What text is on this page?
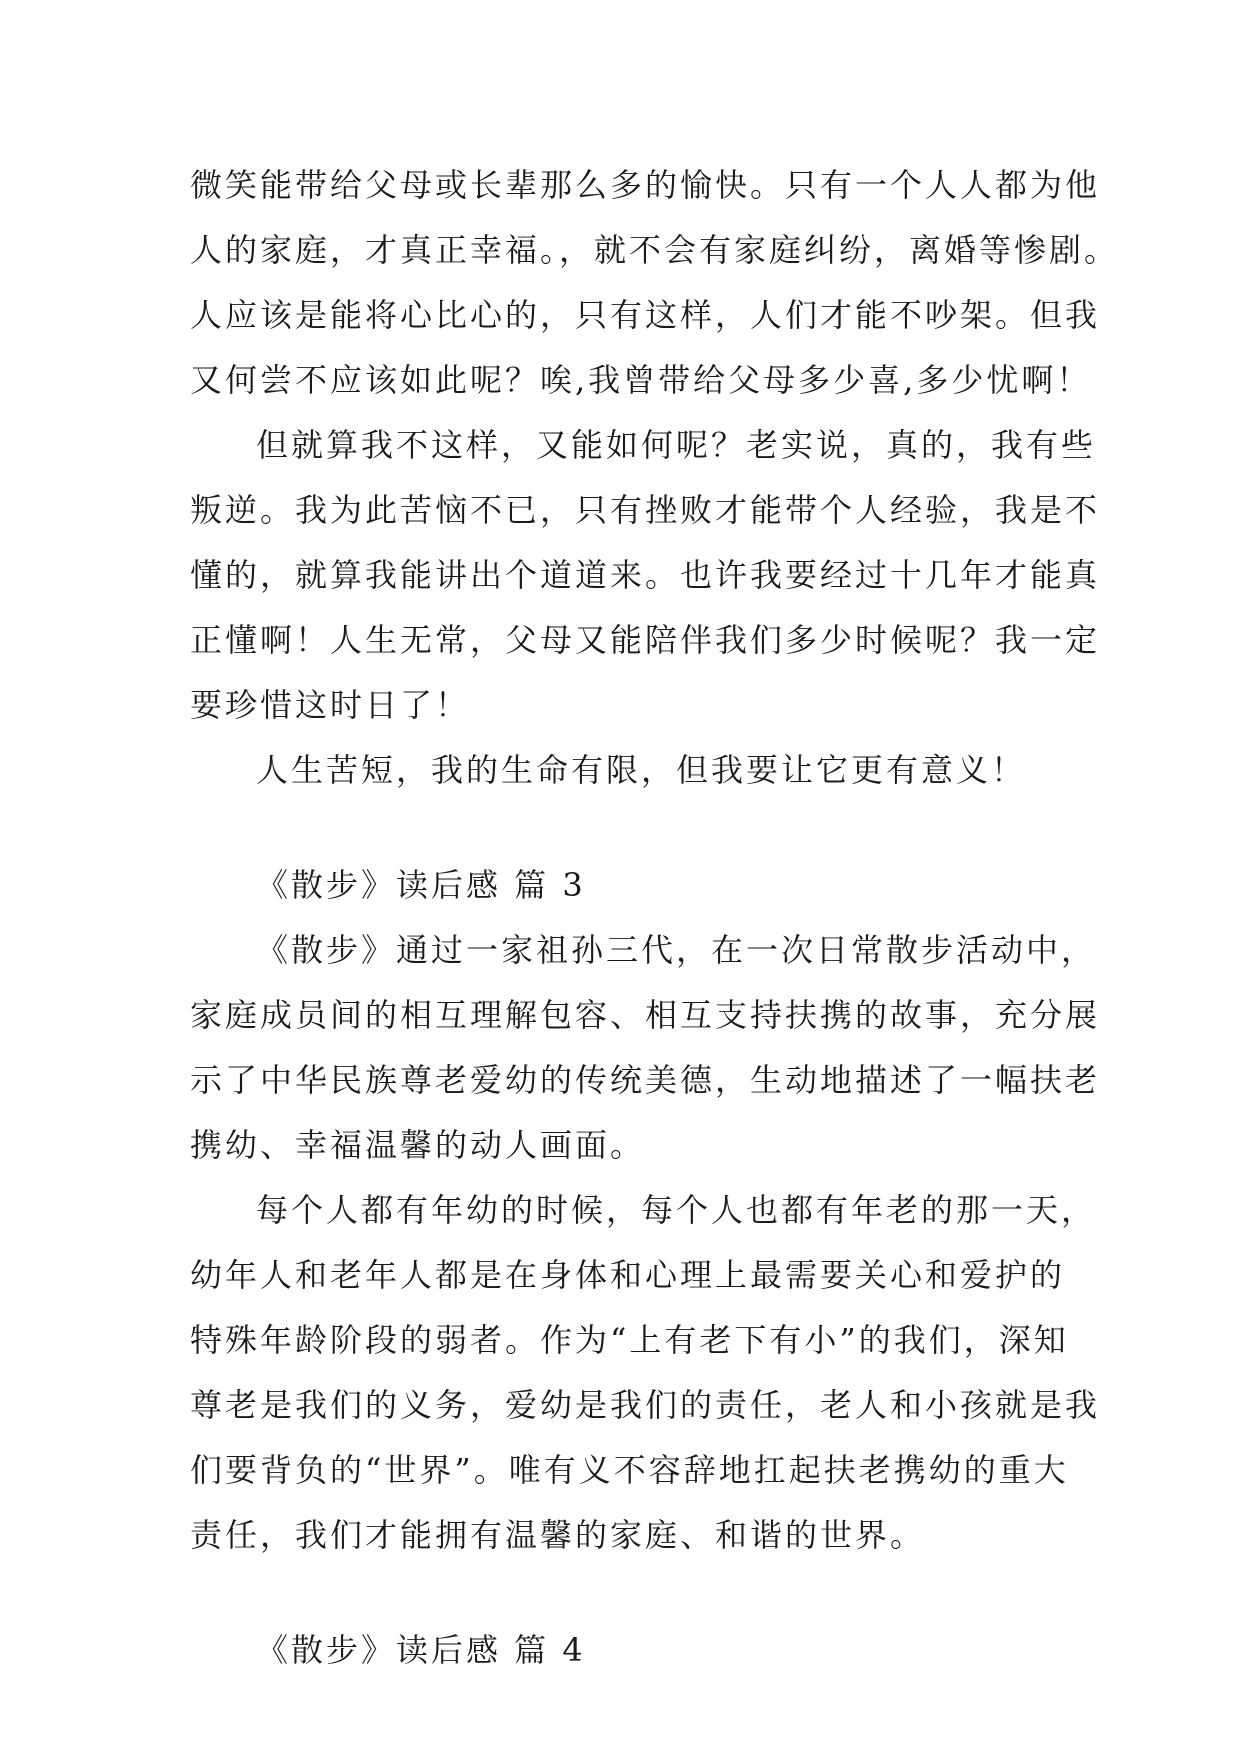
微笑能带给父母或长辈那么多的愉快。只有一个人人都为他
人的家庭，才真正幸福。，就不会有家庭纠纷，离婚等惨剧。
人应该是能将心比心的，只有这样，人们才能不吵架。但我
又何尝不应该如此呢？唉,我曾带给父母多少喜,多少忧啊！
但就算我不这样，又能如何呢？老实说，真的，我有些
叛逆。我为此苦恼不已，只有挫败才能带个人经验，我是不
懂的，就算我能讲出个道道来。也许我要经过十几年才能真
正懂啊！人生无常，父母又能陪伴我们多少时候呢？我一定
要珍惜这时日了！
人生苦短，我的生命有限，但我要让它更有意义！
《散步》读后感 篇 3
《散步》通过一家祖孙三代，在一次日常散步活动中，
家庭成员间的相互理解包容、相互支持扶携的故事，充分展
示了中华民族尊老爱幼的传统美德，生动地描述了一幅扶老
携幼、幸福温馨的动人画面。
每个人都有年幼的时候，每个人也都有年老的那一天，
幼年人和老年人都是在身体和心理上最需要关心和爱护的
特殊年龄阶段的弱者。作为“上有老下有小”的我们，深知
尊老是我们的义务，爱幼是我们的责任，老人和小孩就是我
们要背负的“世界”。唯有义不容辞地扛起扶老携幼的重大
责任，我们才能拥有温馨的家庭、和谐的世界。
《散步》读后感 篇 4
